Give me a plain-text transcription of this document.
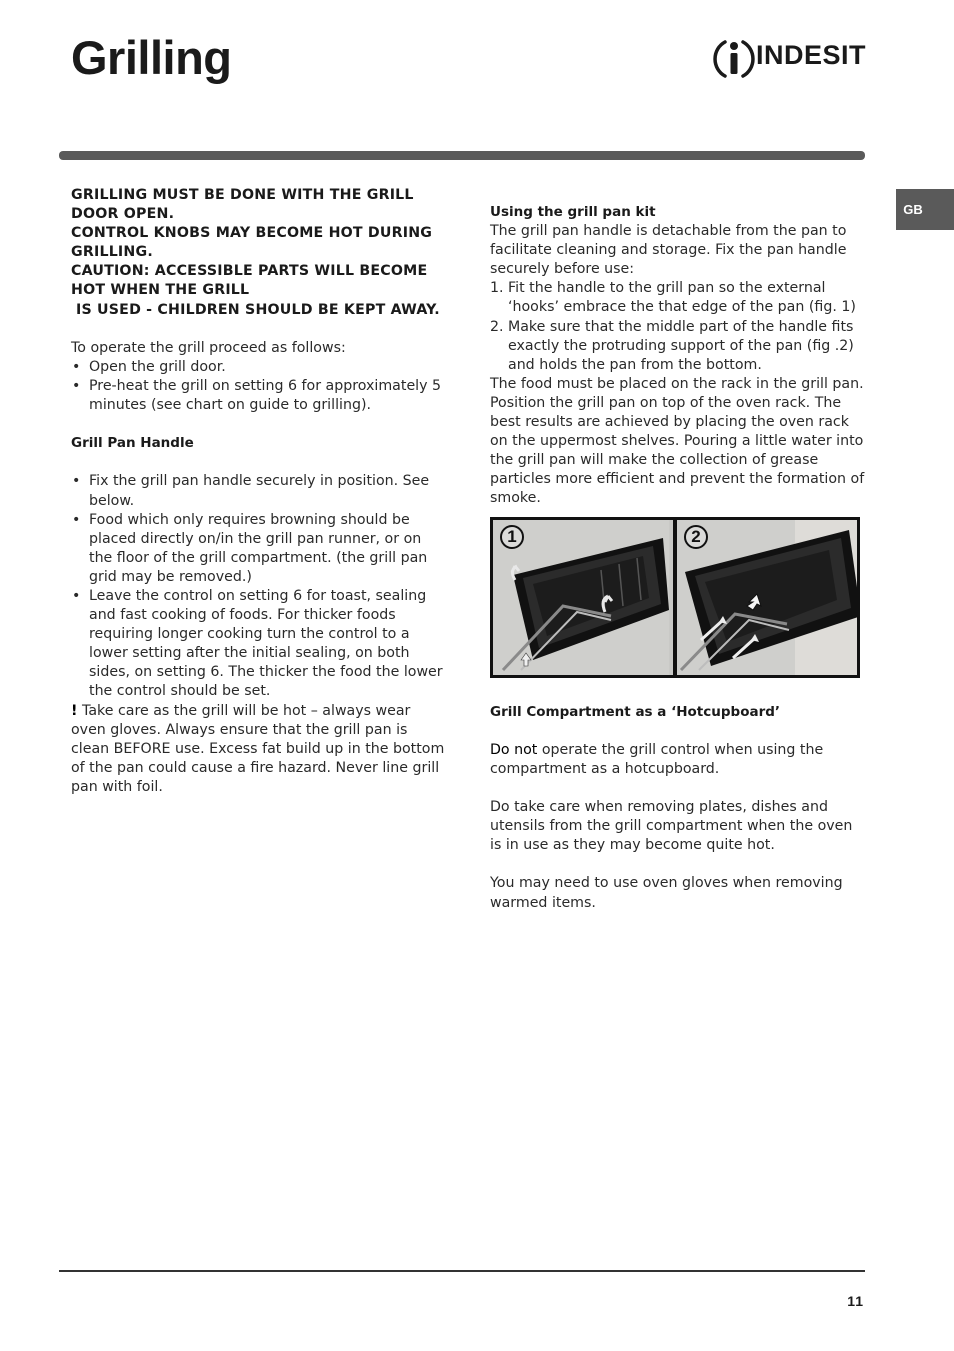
Grilling	INDESIT
GB

GRILLING MUST BE DONE WITH THE GRILL DOOR OPEN.

CONTROL KNOBS MAY BECOME HOT DURING GRILLING.

CAUTION: ACCESSIBLE PARTS WILL BECOME HOT WHEN THE GRILL

IS USED - CHILDREN SHOULD BE KEPT AWAY.

To operate the grill proceed as follows:

• Open the grill door.
• Pre-heat the grill on setting 6 for approximately 5 minutes (see chart on guide to grilling).

Grill Pan Handle

• Fix the grill pan handle securely in position. See below.
• Food which only requires browning should be placed directly on/in the grill pan runner, or on the floor of the grill compartment. (the grill pan grid may be removed.)
• Leave the control on setting 6 for toast, sealing and fast cooking of foods. For thicker foods requiring longer cooking turn the control to a lower setting after the initial sealing, on both sides, on setting 6. The thicker the food the lower the control should be set.

! Take care as the grill will be hot – always wear oven gloves. Always ensure that the grill pan is clean BEFORE use. Excess fat build up in the bottom of the pan could cause a fire hazard. Never line grill pan with foil.

Using the grill pan kit

The grill pan handle is detachable from the pan to facilitate cleaning and storage. Fix the pan handle securely before use:

1. Fit the handle to the grill pan so the external ‘hooks’ embrace the that edge of the pan (fig. 1)
2. Make sure that the middle part of the handle fits exactly the protruding support of the pan (fig .2) and holds the pan from the bottom.

The food must be placed on the rack in the grill pan. Position the grill pan on top of the oven rack. The best results are achieved by placing the oven rack on the uppermost shelves. Pouring a little water into the grill pan will make the collection of grease particles more efficient and prevent the formation of smoke.

1	2

Grill Compartment as a ‘Hotcupboard’

Do not operate the grill control when using the compartment as a hotcupboard.

Do take care when removing plates, dishes and utensils from the grill compartment when the oven is in use as they may become quite hot.

You may need to use oven gloves when removing warmed items.

11
